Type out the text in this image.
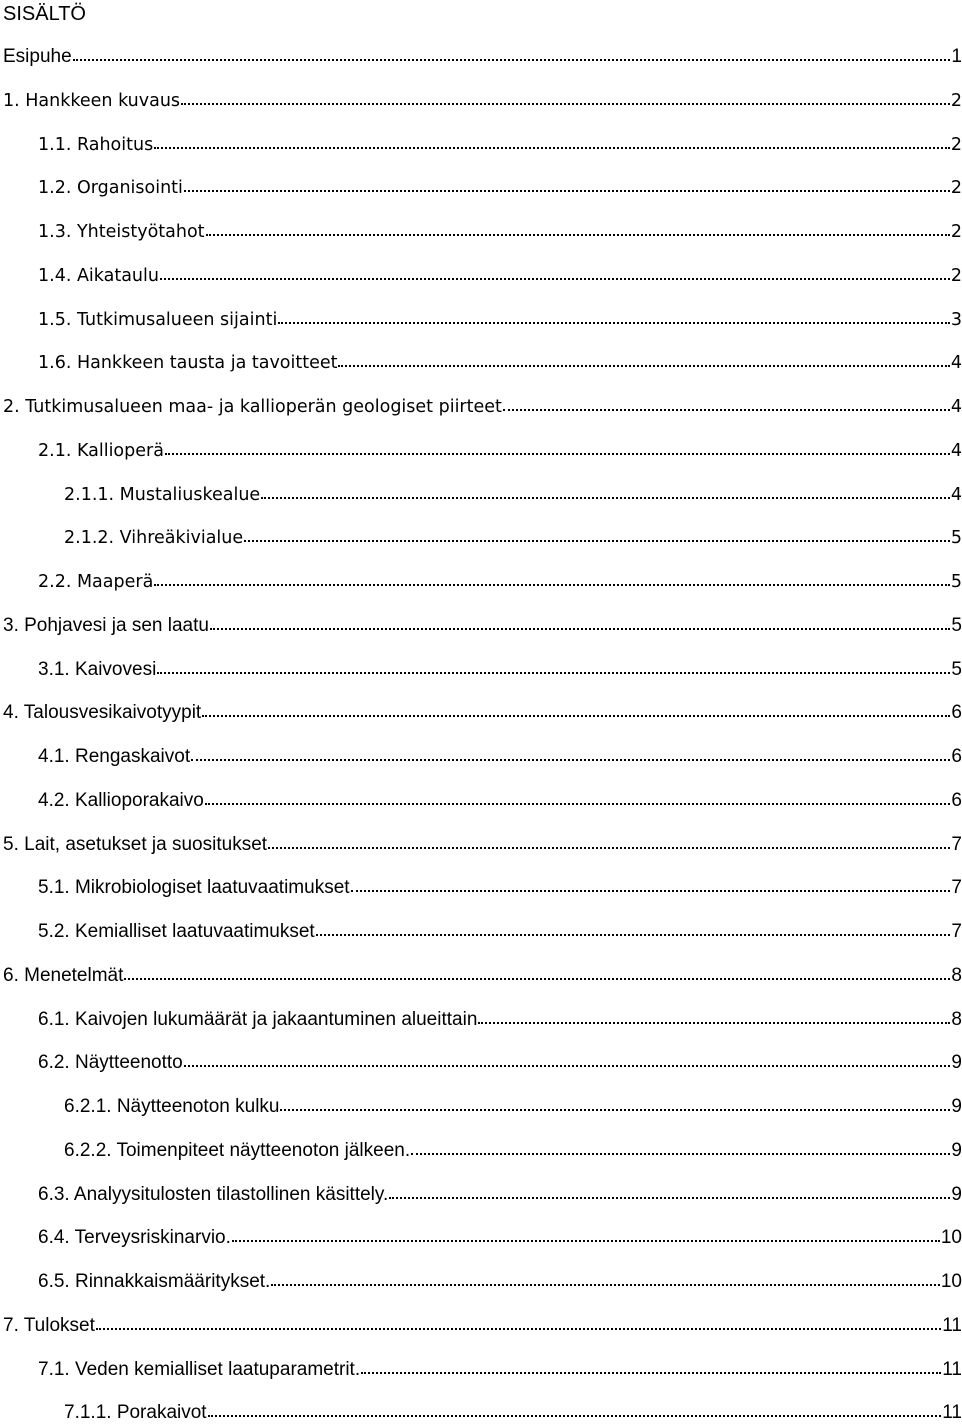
SISÄLTÖ
Esipuhe	1
1. Hankkeen kuvaus	2
1.1. Rahoitus	2
1.2. Organisointi	2
1.3. Yhteistyötahot	2
1.4. Aikataulu	2
1.5. Tutkimusalueen sijainti	3
1.6. Hankkeen tausta ja tavoitteet	4
2. Tutkimusalueen maa- ja kallioperän geologiset piirteet	4
2.1. Kallioperä	4
2.1.1. Mustaliuskealue	4
2.1.2. Vihreäkivialue	5
2.2. Maaperä	5
3. Pohjavesi ja sen laatu	5
3.1. Kaivovesi	5
4. Talousvesikaivotyypit	6
4.1. Rengaskaivot	6
4.2. Kallioporakaivo	6
5. Lait, asetukset ja suositukset	7
5.1. Mikrobiologiset laatuvaatimukset	7
5.2. Kemialliset laatuvaatimukset	7
6. Menetelmät	8
6.1. Kaivojen lukumäärät ja jakaantuminen alueittain	8
6.2. Näytteenotto	9
6.2.1. Näytteenoton kulku	9
6.2.2. Toimenpiteet näytteenoton jälkeen.	9
6.3. Analyysitulosten tilastollinen käsittely.	9
6.4. Terveysriskinarvio.	10
6.5. Rinnakkaismääritykset.	10
7. Tulokset	11
7.1. Veden kemialliset laatuparametrit.	11
7.1.1. Porakaivot	11
